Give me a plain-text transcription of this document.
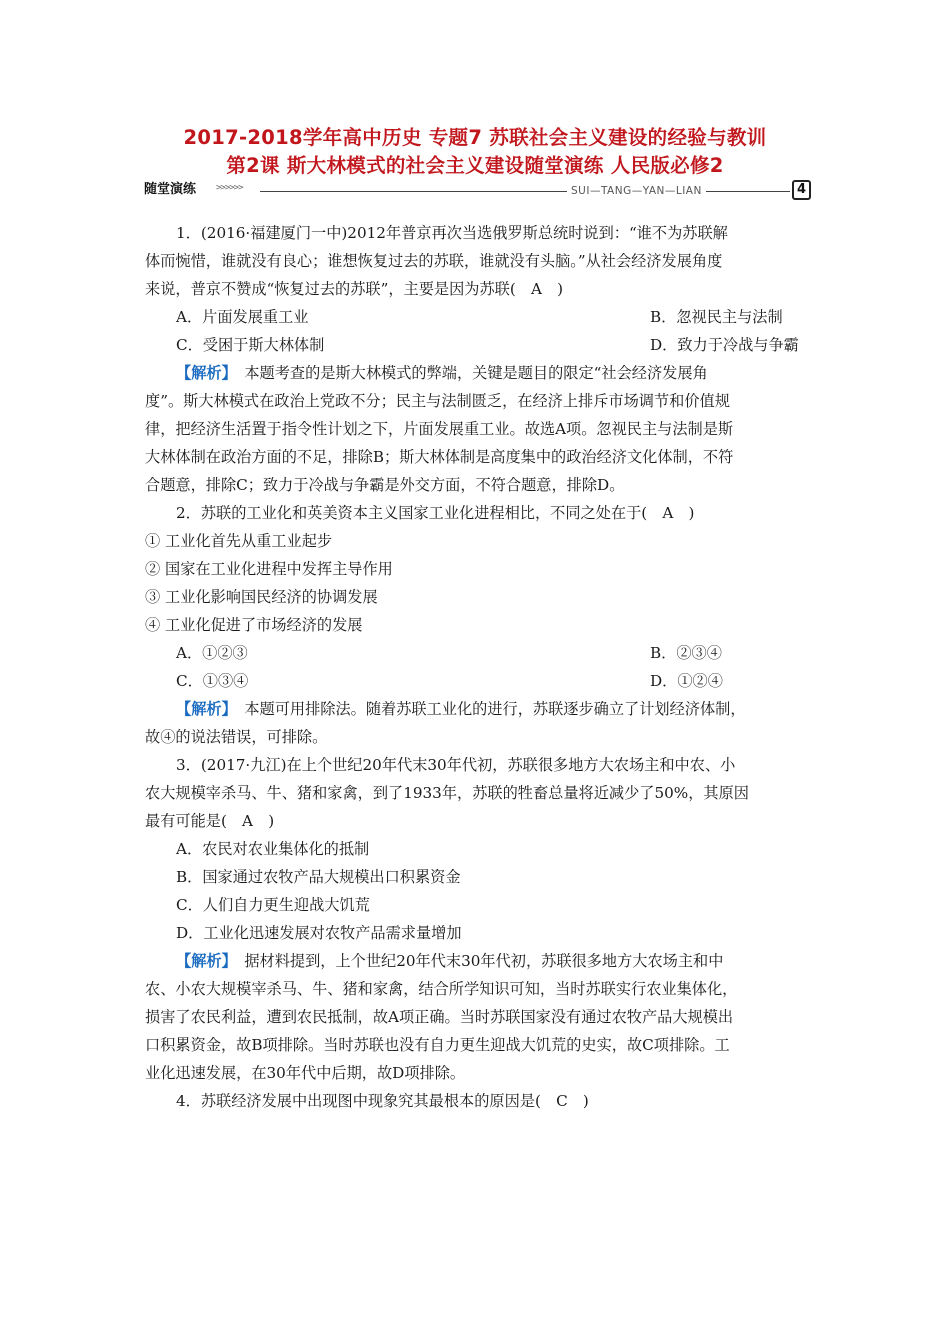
2017-2018学年高中历史 专题7 苏联社会主义建设的经验与教训
第2课 斯大林模式的社会主义建设随堂演练 人民版必修2
随堂演练 >>>>>>	SUI—TANG—YAN—LIAN	4
1．(2016·福建厦门一中)2012年普京再次当选俄罗斯总统时说到：“谁不为苏联解
体而惋惜，谁就没有良心；谁想恢复过去的苏联，谁就没有头脑。”从社会经济发展角度
来说，普京不赞成“恢复过去的苏联”，主要是因为苏联(　A　)
A．片面发展重工业	B．忽视民主与法制
C．受困于斯大林体制	D．致力于冷战与争霸
【解析】　本题考查的是斯大林模式的弊端，关键是题目的限定“社会经济发展角
度”。斯大林模式在政治上党政不分；民主与法制匮乏，在经济上排斥市场调节和价值规
律，把经济生活置于指令性计划之下，片面发展重工业。故选A项。忽视民主与法制是斯
大林体制在政治方面的不足，排除B；斯大林体制是高度集中的政治经济文化体制，不符
合题意，排除C；致力于冷战与争霸是外交方面，不符合题意，排除D。
2．苏联的工业化和英美资本主义国家工业化进程相比，不同之处在于(　A　)
① 工业化首先从重工业起步
② 国家在工业化进程中发挥主导作用
③ 工业化影响国民经济的协调发展
④ 工业化促进了市场经济的发展
A．①②③	B．②③④
C．①③④	D．①②④
【解析】　本题可用排除法。随着苏联工业化的进行，苏联逐步确立了计划经济体制，
故④的说法错误，可排除。
3．(2017·九江)在上个世纪20年代末30年代初，苏联很多地方大农场主和中农、小
农大规模宰杀马、牛、猪和家禽，到了1933年，苏联的牲畜总量将近减少了50%，其原因
最有可能是(　A　)
A．农民对农业集体化的抵制
B．国家通过农牧产品大规模出口积累资金
C．人们自力更生迎战大饥荒
D．工业化迅速发展对农牧产品需求量增加
【解析】　据材料提到，上个世纪20年代末30年代初，苏联很多地方大农场主和中
农、小农大规模宰杀马、牛、猪和家禽，结合所学知识可知，当时苏联实行农业集体化，
损害了农民利益，遭到农民抵制，故A项正确。当时苏联国家没有通过农牧产品大规模出
口积累资金，故B项排除。当时苏联也没有自力更生迎战大饥荒的史实，故C项排除。工
业化迅速发展，在30年代中后期，故D项排除。
4．苏联经济发展中出现图中现象究其最根本的原因是(　C　)
